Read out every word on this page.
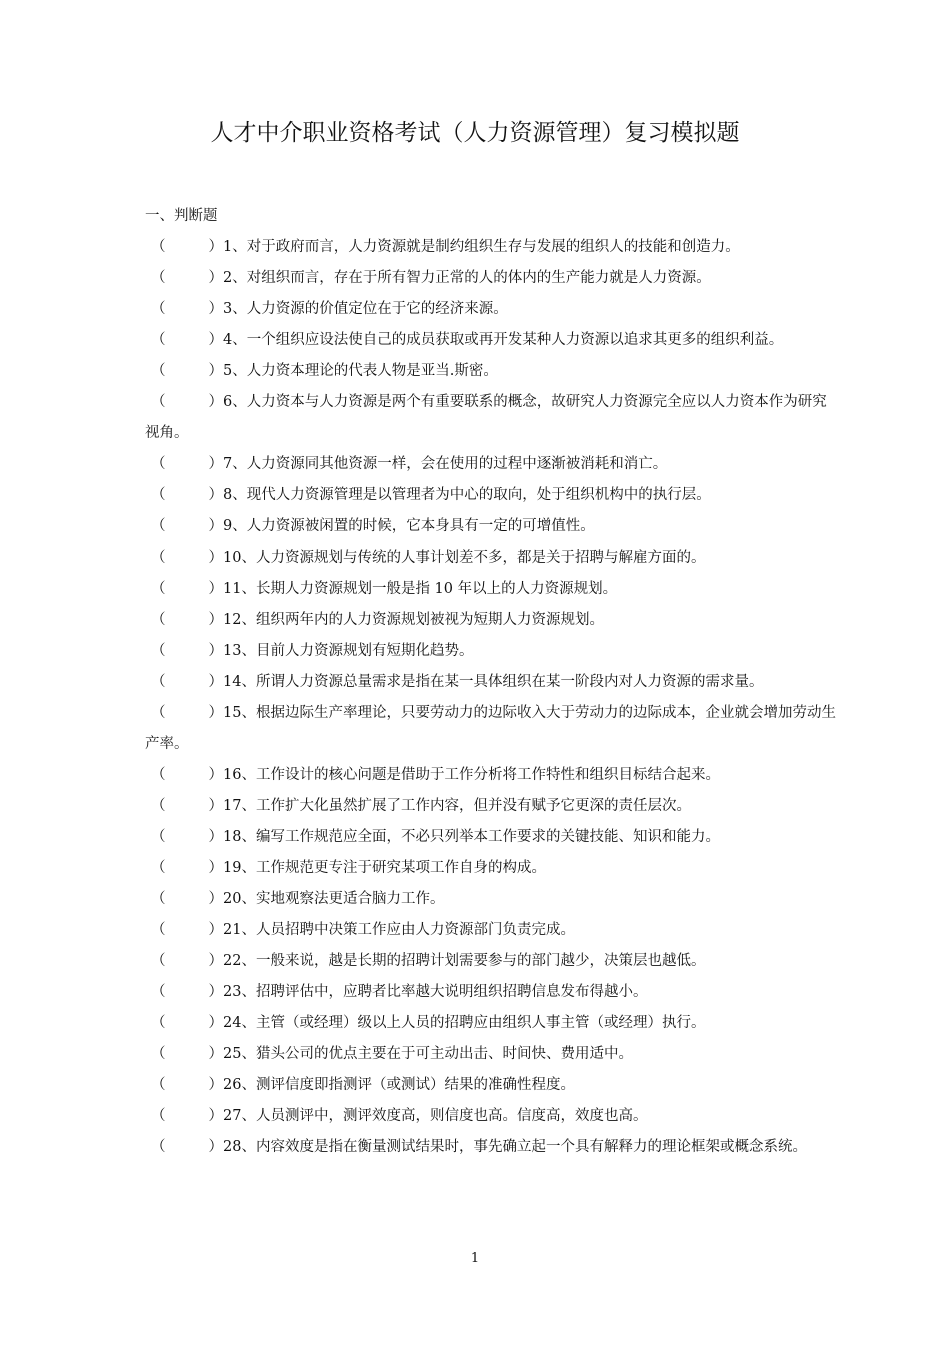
人才中介职业资格考试（人力资源管理）复习模拟题

一、判断题

（	） 1、对于政府而言，人力资源就是制约组织生存与发展的组织人的技能和创造力。
（	） 2、对组织而言，存在于所有智力正常的人的体内的生产能力就是人力资源。
（	） 3、人力资源的价值定位在于它的经济来源。
（	） 4、一个组织应设法使自己的成员获取或再开发某种人力资源以追求其更多的组织利益。
（	） 5、人力资本理论的代表人物是亚当.斯密。
（	） 6、人力资本与人力资源是两个有重要联系的概念，故研究人力资源完全应以人力资本作为研究视角。
（	） 7、人力资源同其他资源一样，会在使用的过程中逐渐被消耗和消亡。
（	） 8、现代人力资源管理是以管理者为中心的取向，处于组织机构中的执行层。
（	） 9、人力资源被闲置的时候，它本身具有一定的可增值性。
（	） 10、人力资源规划与传统的人事计划差不多，都是关于招聘与解雇方面的。
（	） 11、长期人力资源规划一般是指 10 年以上的人力资源规划。
（	） 12、组织两年内的人力资源规划被视为短期人力资源规划。
（	） 13、目前人力资源规划有短期化趋势。
（	） 14、所谓人力资源总量需求是指在某一具体组织在某一阶段内对人力资源的需求量。
（	） 15、根据边际生产率理论，只要劳动力的边际收入大于劳动力的边际成本，企业就会增加劳动生产率。
（	） 16、工作设计的核心问题是借助于工作分析将工作特性和组织目标结合起来。
（	） 17、工作扩大化虽然扩展了工作内容，但并没有赋予它更深的责任层次。
（	） 18、编写工作规范应全面，不必只列举本工作要求的关键技能、知识和能力。
（	） 19、工作规范更专注于研究某项工作自身的构成。
（	） 20、实地观察法更适合脑力工作。
（	） 21、人员招聘中决策工作应由人力资源部门负责完成。
（	） 22、一般来说，越是长期的招聘计划需要参与的部门越少，决策层也越低。
（	） 23、招聘评估中，应聘者比率越大说明组织招聘信息发布得越小。
（	） 24、主管（或经理）级以上人员的招聘应由组织人事主管（或经理）执行。
（	） 25、猎头公司的优点主要在于可主动出击、时间快、费用适中。
（	） 26、测评信度即指测评（或测试）结果的准确性程度。
（	） 27、人员测评中，测评效度高，则信度也高。信度高，效度也高。
（	） 28、内容效度是指在衡量测试结果时，事先确立起一个具有解释力的理论框架或概念系统。
1
